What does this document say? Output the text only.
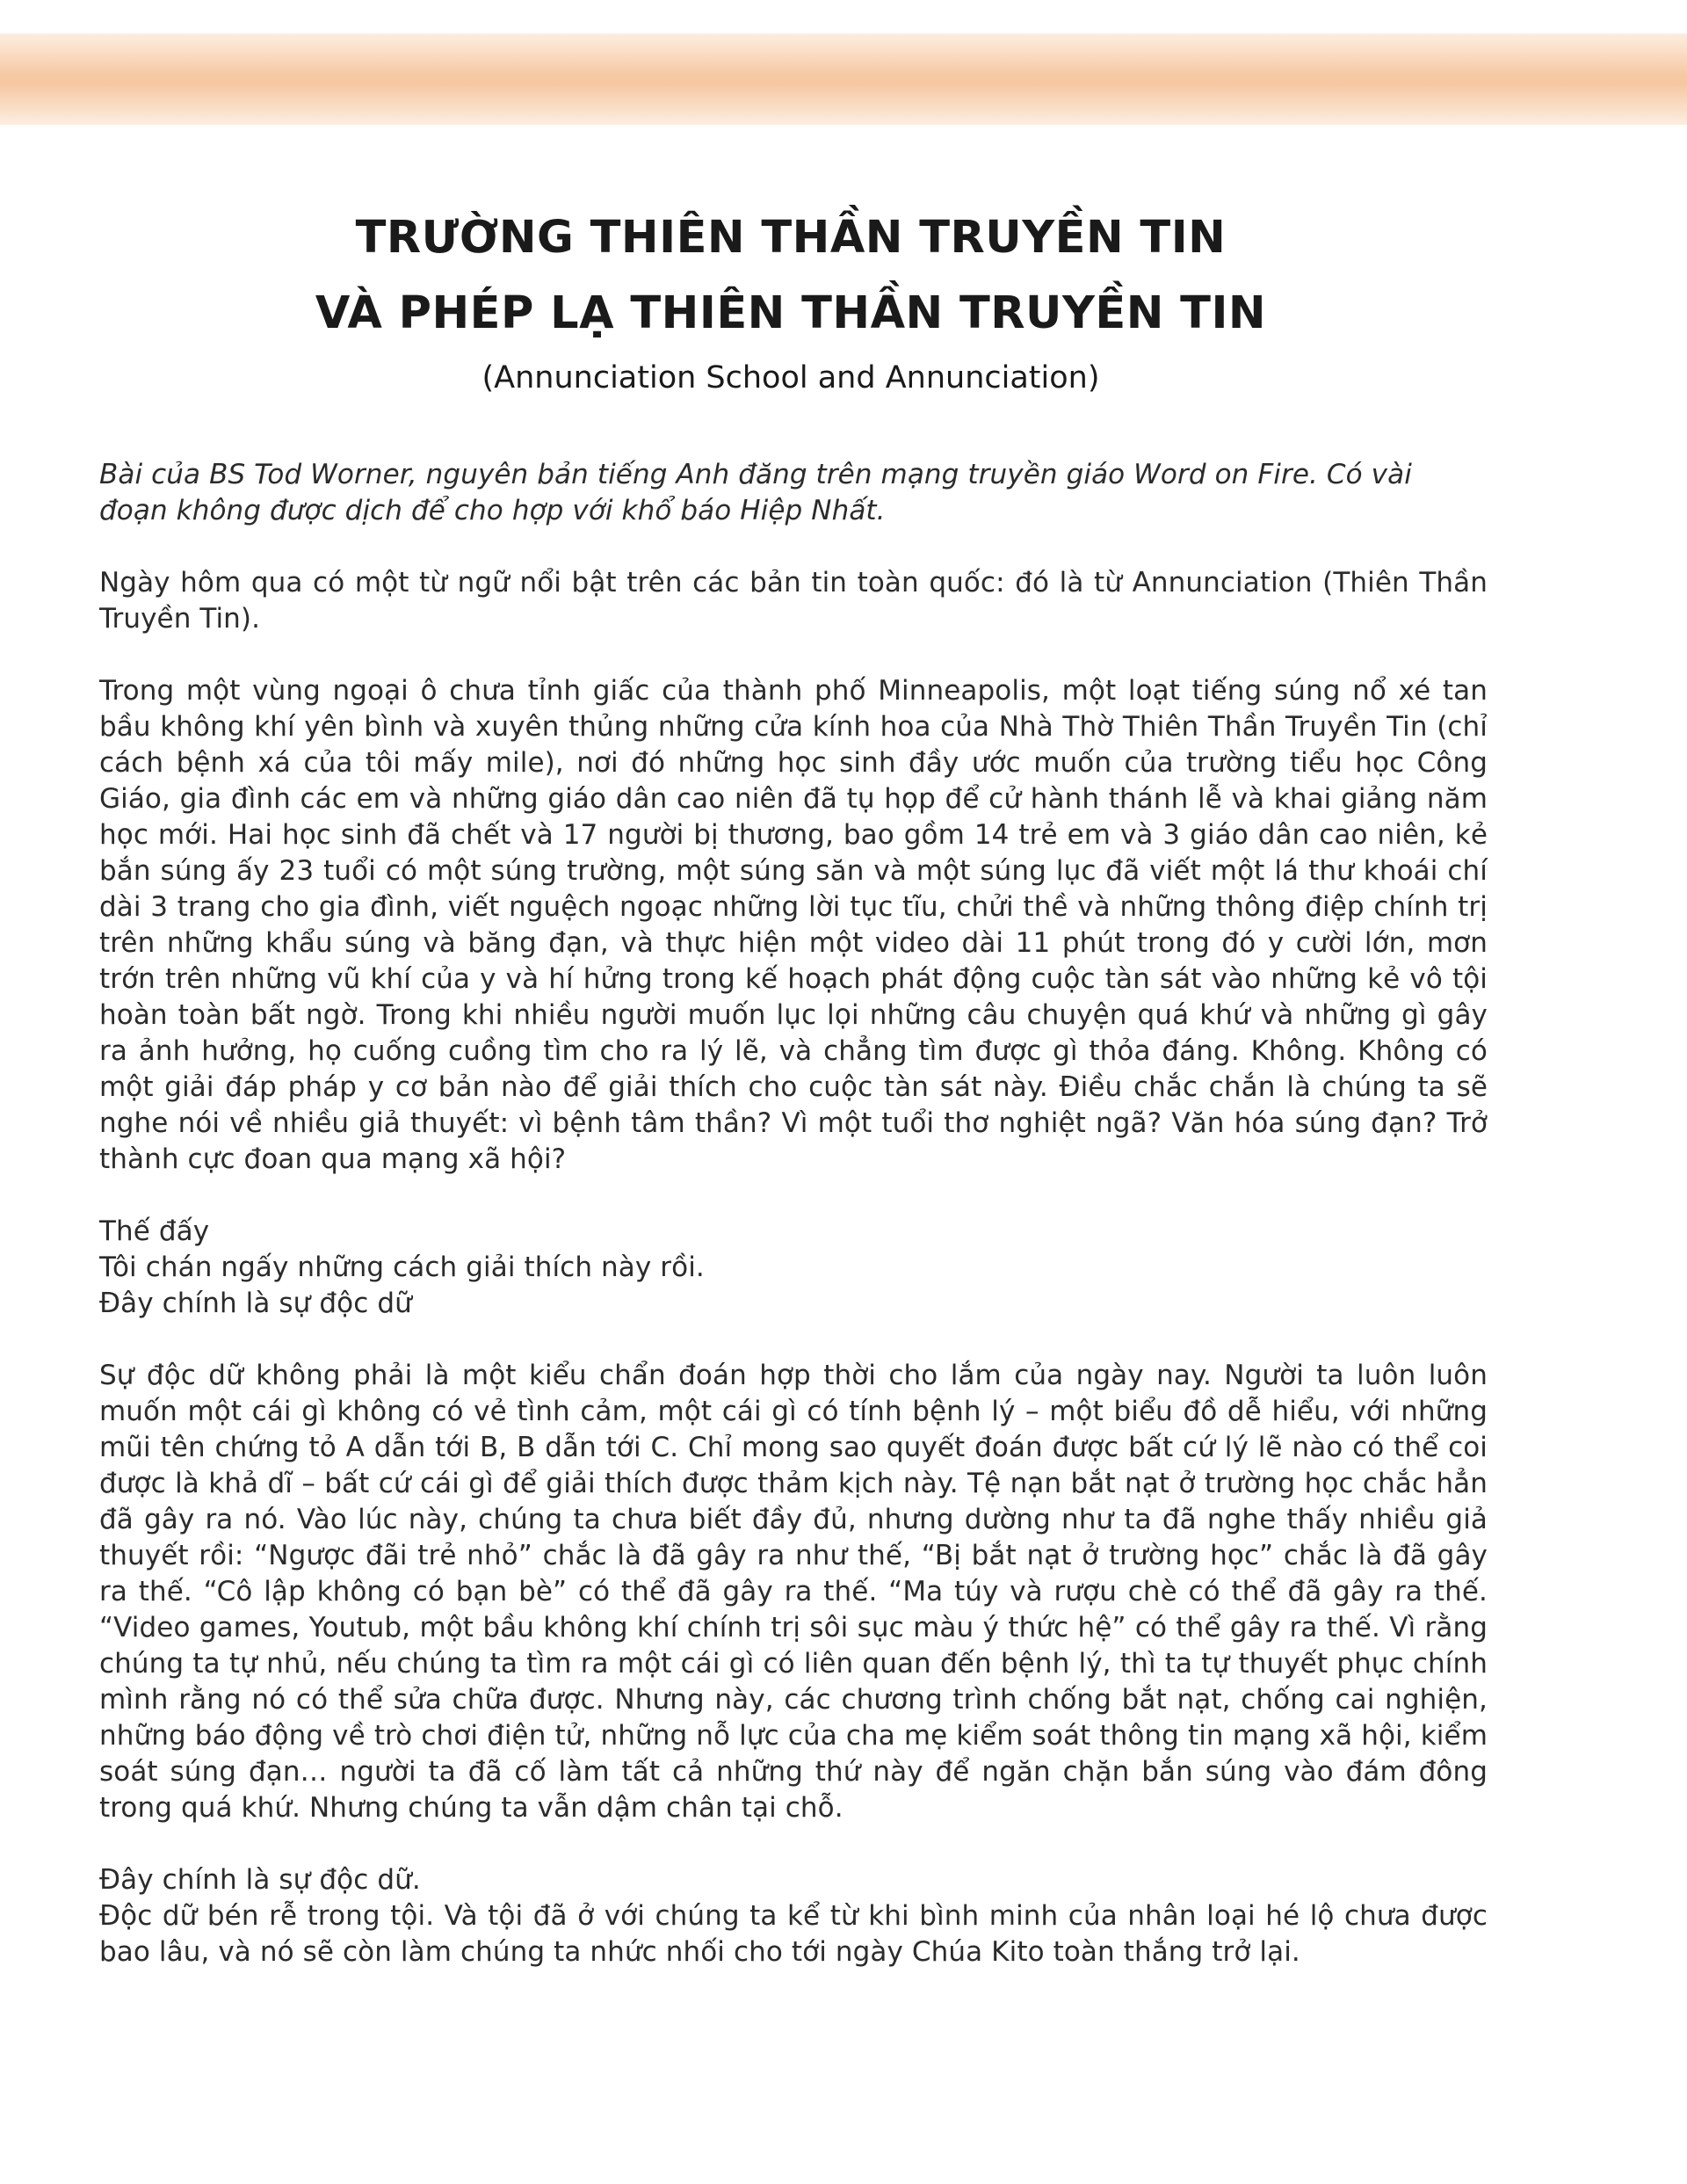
TRƯỜNG THIÊN THẦN TRUYỀN TIN
VÀ PHÉP LẠ THIÊN THẦN TRUYỀN TIN
(Annunciation School and Annunciation)

Bài của BS Tod Worner, nguyên bản tiếng Anh đăng trên mạng truyền giáo Word on Fire. Có vài đoạn không được dịch để cho hợp với khổ báo Hiệp Nhất.

Ngày hôm qua có một từ ngữ nổi bật trên các bản tin toàn quốc: đó là từ Annunciation (Thiên Thần Truyền Tin).

Trong một vùng ngoại ô chưa tỉnh giấc của thành phố Minneapolis, một loạt tiếng súng nổ xé tan bầu không khí yên bình và xuyên thủng những cửa kính hoa của Nhà Thờ Thiên Thần Truyền Tin (chỉ cách bệnh xá của tôi mấy mile), nơi đó những học sinh đầy ước muốn của trường tiểu học Công Giáo, gia đình các em và những giáo dân cao niên đã tụ họp để cử hành thánh lễ và khai giảng năm học mới. Hai học sinh đã chết và 17 người bị thương, bao gồm 14 trẻ em và 3 giáo dân cao niên, kẻ bắn súng ấy 23 tuổi có một súng trường, một súng săn và một súng lục đã viết một lá thư khoái chí dài 3 trang cho gia đình, viết nguệch ngoạc những lời tục tĩu, chửi thề và những thông điệp chính trị trên những khẩu súng và băng đạn, và thực hiện một video dài 11 phút trong đó y cười lớn, mơn trớn trên những vũ khí của y và hí hửng trong kế hoạch phát động cuộc tàn sát vào những kẻ vô tội hoàn toàn bất ngờ. Trong khi nhiều người muốn lục lọi những câu chuyện quá khứ và những gì gây ra ảnh hưởng, họ cuống cuồng tìm cho ra lý lẽ, và chẳng tìm được gì thỏa đáng. Không. Không có một giải đáp pháp y cơ bản nào để giải thích cho cuộc tàn sát này. Điều chắc chắn là chúng ta sẽ nghe nói về nhiều giả thuyết: vì bệnh tâm thần? Vì một tuổi thơ nghiệt ngã? Văn hóa súng đạn? Trở thành cực đoan qua mạng xã hội?

Thế đấy
Tôi chán ngấy những cách giải thích này rồi.
Đây chính là sự độc dữ

Sự độc dữ không phải là một kiểu chẩn đoán hợp thời cho lắm của ngày nay. Người ta luôn luôn muốn một cái gì không có vẻ tình cảm, một cái gì có tính bệnh lý – một biểu đồ dễ hiểu, với những mũi tên chứng tỏ A dẫn tới B, B dẫn tới C. Chỉ mong sao quyết đoán được bất cứ lý lẽ nào có thể coi được là khả dĩ – bất cứ cái gì để giải thích được thảm kịch này. Tệ nạn bắt nạt ở trường học chắc hẳn đã gây ra nó. Vào lúc này, chúng ta chưa biết đầy đủ, nhưng dường như ta đã nghe thấy nhiều giả thuyết rồi: “Ngược đãi trẻ nhỏ” chắc là đã gây ra như thế, “Bị bắt nạt ở trường học” chắc là đã gây ra thế. “Cô lập không có bạn bè” có thể đã gây ra thế. “Ma túy và rượu chè có thể đã gây ra thế. “Video games, Youtub, một bầu không khí chính trị sôi sục màu ý thức hệ” có thể gây ra thế. Vì rằng chúng ta tự nhủ, nếu chúng ta tìm ra một cái gì có liên quan đến bệnh lý, thì ta tự thuyết phục chính mình rằng nó có thể sửa chữa được. Nhưng này, các chương trình chống bắt nạt, chống cai nghiện, những báo động về trò chơi điện tử, những nỗ lực của cha mẹ kiểm soát thông tin mạng xã hội, kiểm soát súng đạn… người ta đã cố làm tất cả những thứ này để ngăn chặn bắn súng vào đám đông trong quá khứ. Nhưng chúng ta vẫn dậm chân tại chỗ.

Đây chính là sự độc dữ.
Độc dữ bén rễ trong tội. Và tội đã ở với chúng ta kể từ khi bình minh của nhân loại hé lộ chưa được bao lâu, và nó sẽ còn làm chúng ta nhức nhối cho tới ngày Chúa Kito toàn thắng trở lại.
